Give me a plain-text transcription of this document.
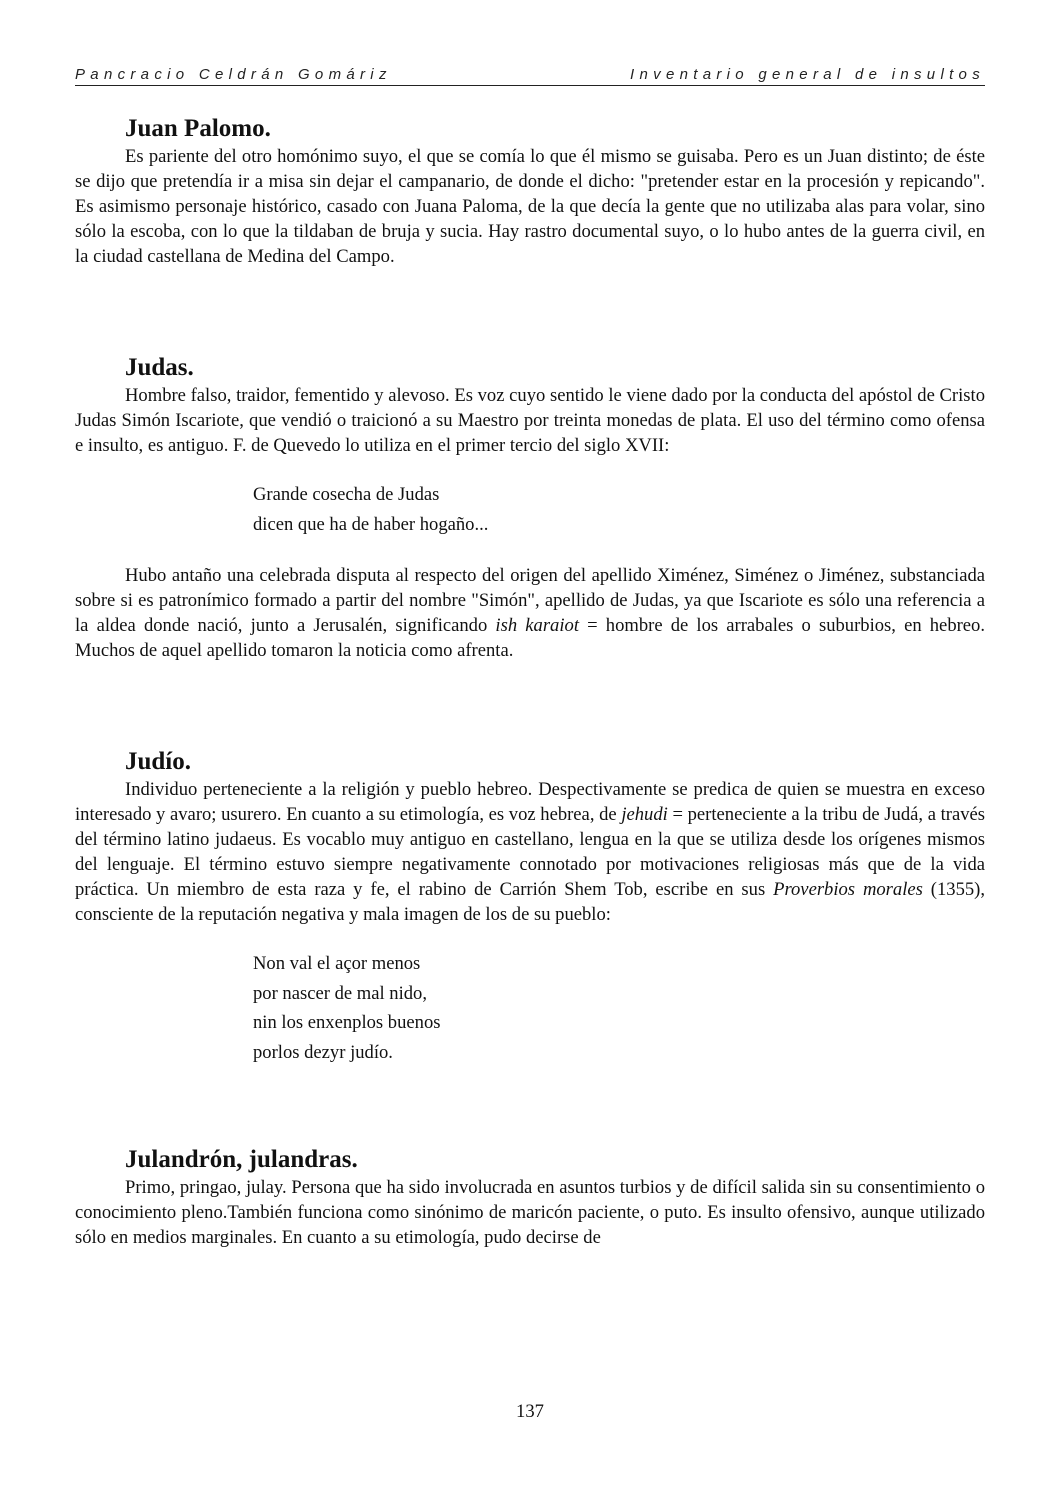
Pancracio Celdrán Gomáriz	Inventario general de insultos
Juan Palomo.

Es pariente del otro homónimo suyo, el que se comía lo que él mismo se guisaba. Pero es un Juan distinto; de éste se dijo que pretendía ir a misa sin dejar el campanario, de donde el dicho: "pretender estar en la procesión y repicando". Es asimismo personaje histórico, casado con Juana Paloma, de la que decía la gente que no utilizaba alas para volar, sino sólo la escoba, con lo que la tildaban de bruja y sucia. Hay rastro documental suyo, o lo hubo antes de la guerra civil, en la ciudad castellana de Medina del Campo.

Judas.

Hombre falso, traidor, fementido y alevoso. Es voz cuyo sentido le viene dado por la conducta del apóstol de Cristo Judas Simón Iscariote, que vendió o traicionó a su Maestro por treinta monedas de plata. El uso del término como ofensa e insulto, es antiguo. F. de Quevedo lo utiliza en el primer tercio del siglo XVII:

Grande cosecha de Judas
dicen que ha de haber hogaño...

Hubo antaño una celebrada disputa al respecto del origen del apellido Ximénez, Siménez o Jiménez, substanciada sobre si es patronímico formado a partir del nombre "Simón", apellido de Judas, ya que Iscariote es sólo una referencia a la aldea donde nació, junto a Jerusalén, significando ish karaiot = hombre de los arrabales o suburbios, en hebreo. Muchos de aquel apellido tomaron la noticia como afrenta.

Judío.

Individuo perteneciente a la religión y pueblo hebreo. Despectivamente se predica de quien se muestra en exceso interesado y avaro; usurero. En cuanto a su etimología, es voz hebrea, de jehudi = perteneciente a la tribu de Judá, a través del término latino judaeus. Es vocablo muy antiguo en castellano, lengua en la que se utiliza desde los orígenes mismos del lenguaje. El término estuvo siempre negativamente connotado por motivaciones religiosas más que de la vida práctica. Un miembro de esta raza y fe, el rabino de Carrión Shem Tob, escribe en sus Proverbios morales (1355), consciente de la reputación negativa y mala imagen de los de su pueblo:

Non val el açor menos
por nascer de mal nido,
nin los enxenplos buenos
porlos dezyr judío.
Julandrón, julandras.

Primo, pringao, julay. Persona que ha sido involucrada en asuntos turbios y de difícil salida sin su consentimiento o conocimiento pleno.También funciona como sinónimo de maricón paciente, o puto. Es insulto ofensivo, aunque utilizado sólo en medios marginales. En cuanto a su etimología, pudo decirse de

137
